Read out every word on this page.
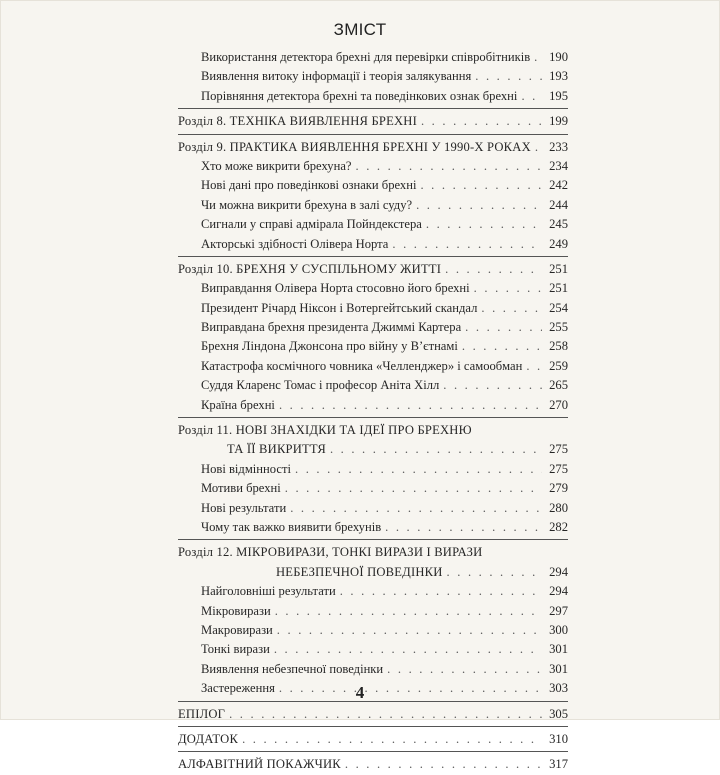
ЗМІСТ
Використання детектора брехні для перевірки співробітників . . . 190
Виявлення витоку інформації і теорія залякування . . .	193
Порівняння детектора брехні та поведінкових ознак брехні . . .	195
Розділ 8. ТЕХНІКА ВИЯВЛЕННЯ БРЕХНІ . . .	199
Розділ 9. ПРАКТИКА ВИЯВЛЕННЯ БРЕХНІ У 1990-Х РОКАХ . . . 233
Хто може викрити брехуна? . . .	234
Нові дані про поведінкові ознаки брехні . . .	242
Чи можна викрити брехуна в залі суду? . . .	244
Сигнали у справі адмірала Пойндекстера . . .	245
Акторські здібності Олівера Норта . . .	249
Розділ 10. БРЕХНЯ У СУСПІЛЬНОМУ ЖИТТІ . . .	251
Виправдання Олівера Норта стосовно його брехні . . .	251
Президент Річард Ніксон і Вотергейтський скандал . . .	254
Виправдана брехня президента Джиммі Картера . . .	255
Брехня Ліндона Джонсона про війну у В’єтнамі . . .	258
Катастрофа космічного човника «Челленджер» і самообман . . . 259
Суддя Кларенс Томас і професор Аніта Хілл . . .	265
Країна брехні . . .	270
Розділ 11. НОВІ ЗНАХІДКИ ТА ІДЕЇ ПРО БРЕХНЮ
ТА ЇЇ ВИКРИТТЯ . . .	275
Нові відмінності . . .	275
Мотиви брехні . . .	279
Нові результати . . .	280
Чому так важко виявити брехунів . . .	282
Розділ 12. МІКРОВИРАЗИ, ТОНКІ ВИРАЗИ І ВИРАЗИ
НЕБЕЗПЕЧНОЇ ПОВЕДІНКИ . . .	294
Найголовніші результати . . .	294
Мікровирази . . .	297
Макровирази . . .	300
Тонкі вирази . . .	301
Виявлення небезпечної поведінки . . .	301
Застереження . . .	303
ЕПІЛОГ . . .	305
ДОДАТОК . . .	310
АЛФАВІТНИЙ ПОКАЖЧИК . . .	317
4
